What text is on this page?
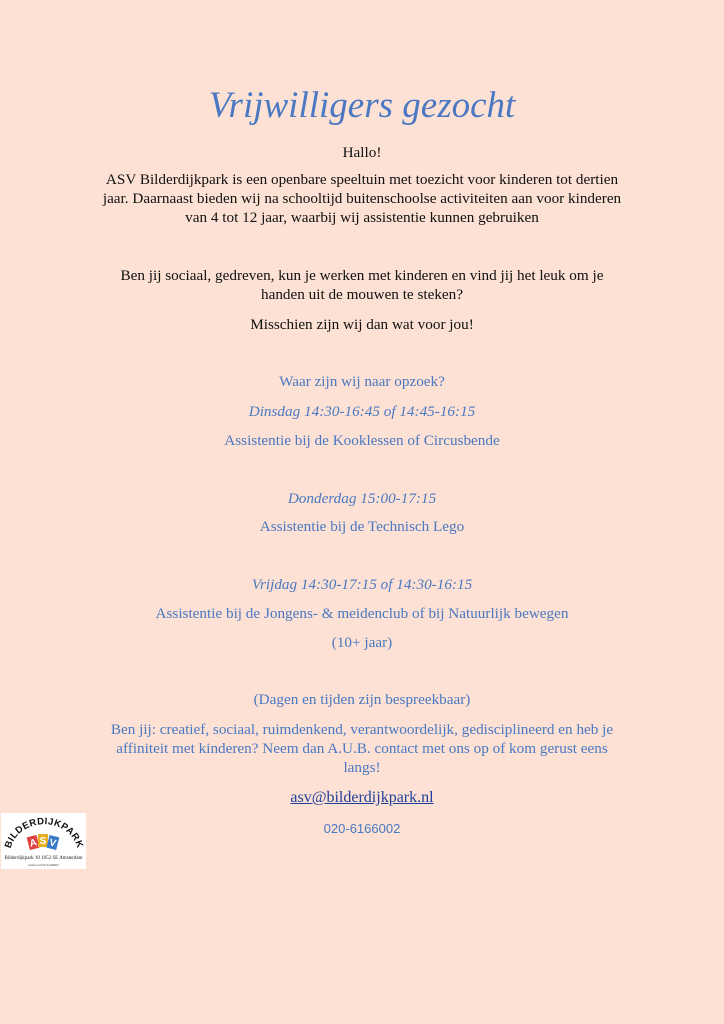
Vrijwilligers gezocht

Hallo!

ASV Bilderdijkpark is een openbare speeltuin met toezicht voor kinderen tot dertien

jaar. Daarnaast bieden wij na schooltijd buitenschoolse activiteiten aan voor kinderen

van 4 tot 12 jaar, waarbij wij assistentie kunnen gebruiken

Ben jij sociaal, gedreven, kun je werken met kinderen en vind jij het leuk om je

handen uit de mouwen te steken?

Misschien zijn wij dan wat voor jou!

Waar zijn wij naar opzoek?

Dinsdag 14:30-16:45 of 14:45-16:15

Assistentie bij de Kooklessen of Circusbende

Donderdag 15:00-17:15

Assistentie bij de Technisch Lego

Vrijdag 14:30-17:15 of 14:30-16:15

Assistentie bij de Jongens- & meidenclub of bij Natuurlijk bewegen

(10+ jaar)

(Dagen en tijden zijn bespreekbaar)

Ben jij: creatief, sociaal, ruimdenkend, verantwoordelijk, gedisciplineerd en heb je

affiniteit met kinderen? Neem dan A.U.B. contact met ons op of kom gerust eens

langs!

asv@bilderdijkpark.nl

020-6166002

BILDERDIJKPARK
A S V
Bilderdijkpark 10 1052 SE Amsterdam
telefoon 020 6166002
